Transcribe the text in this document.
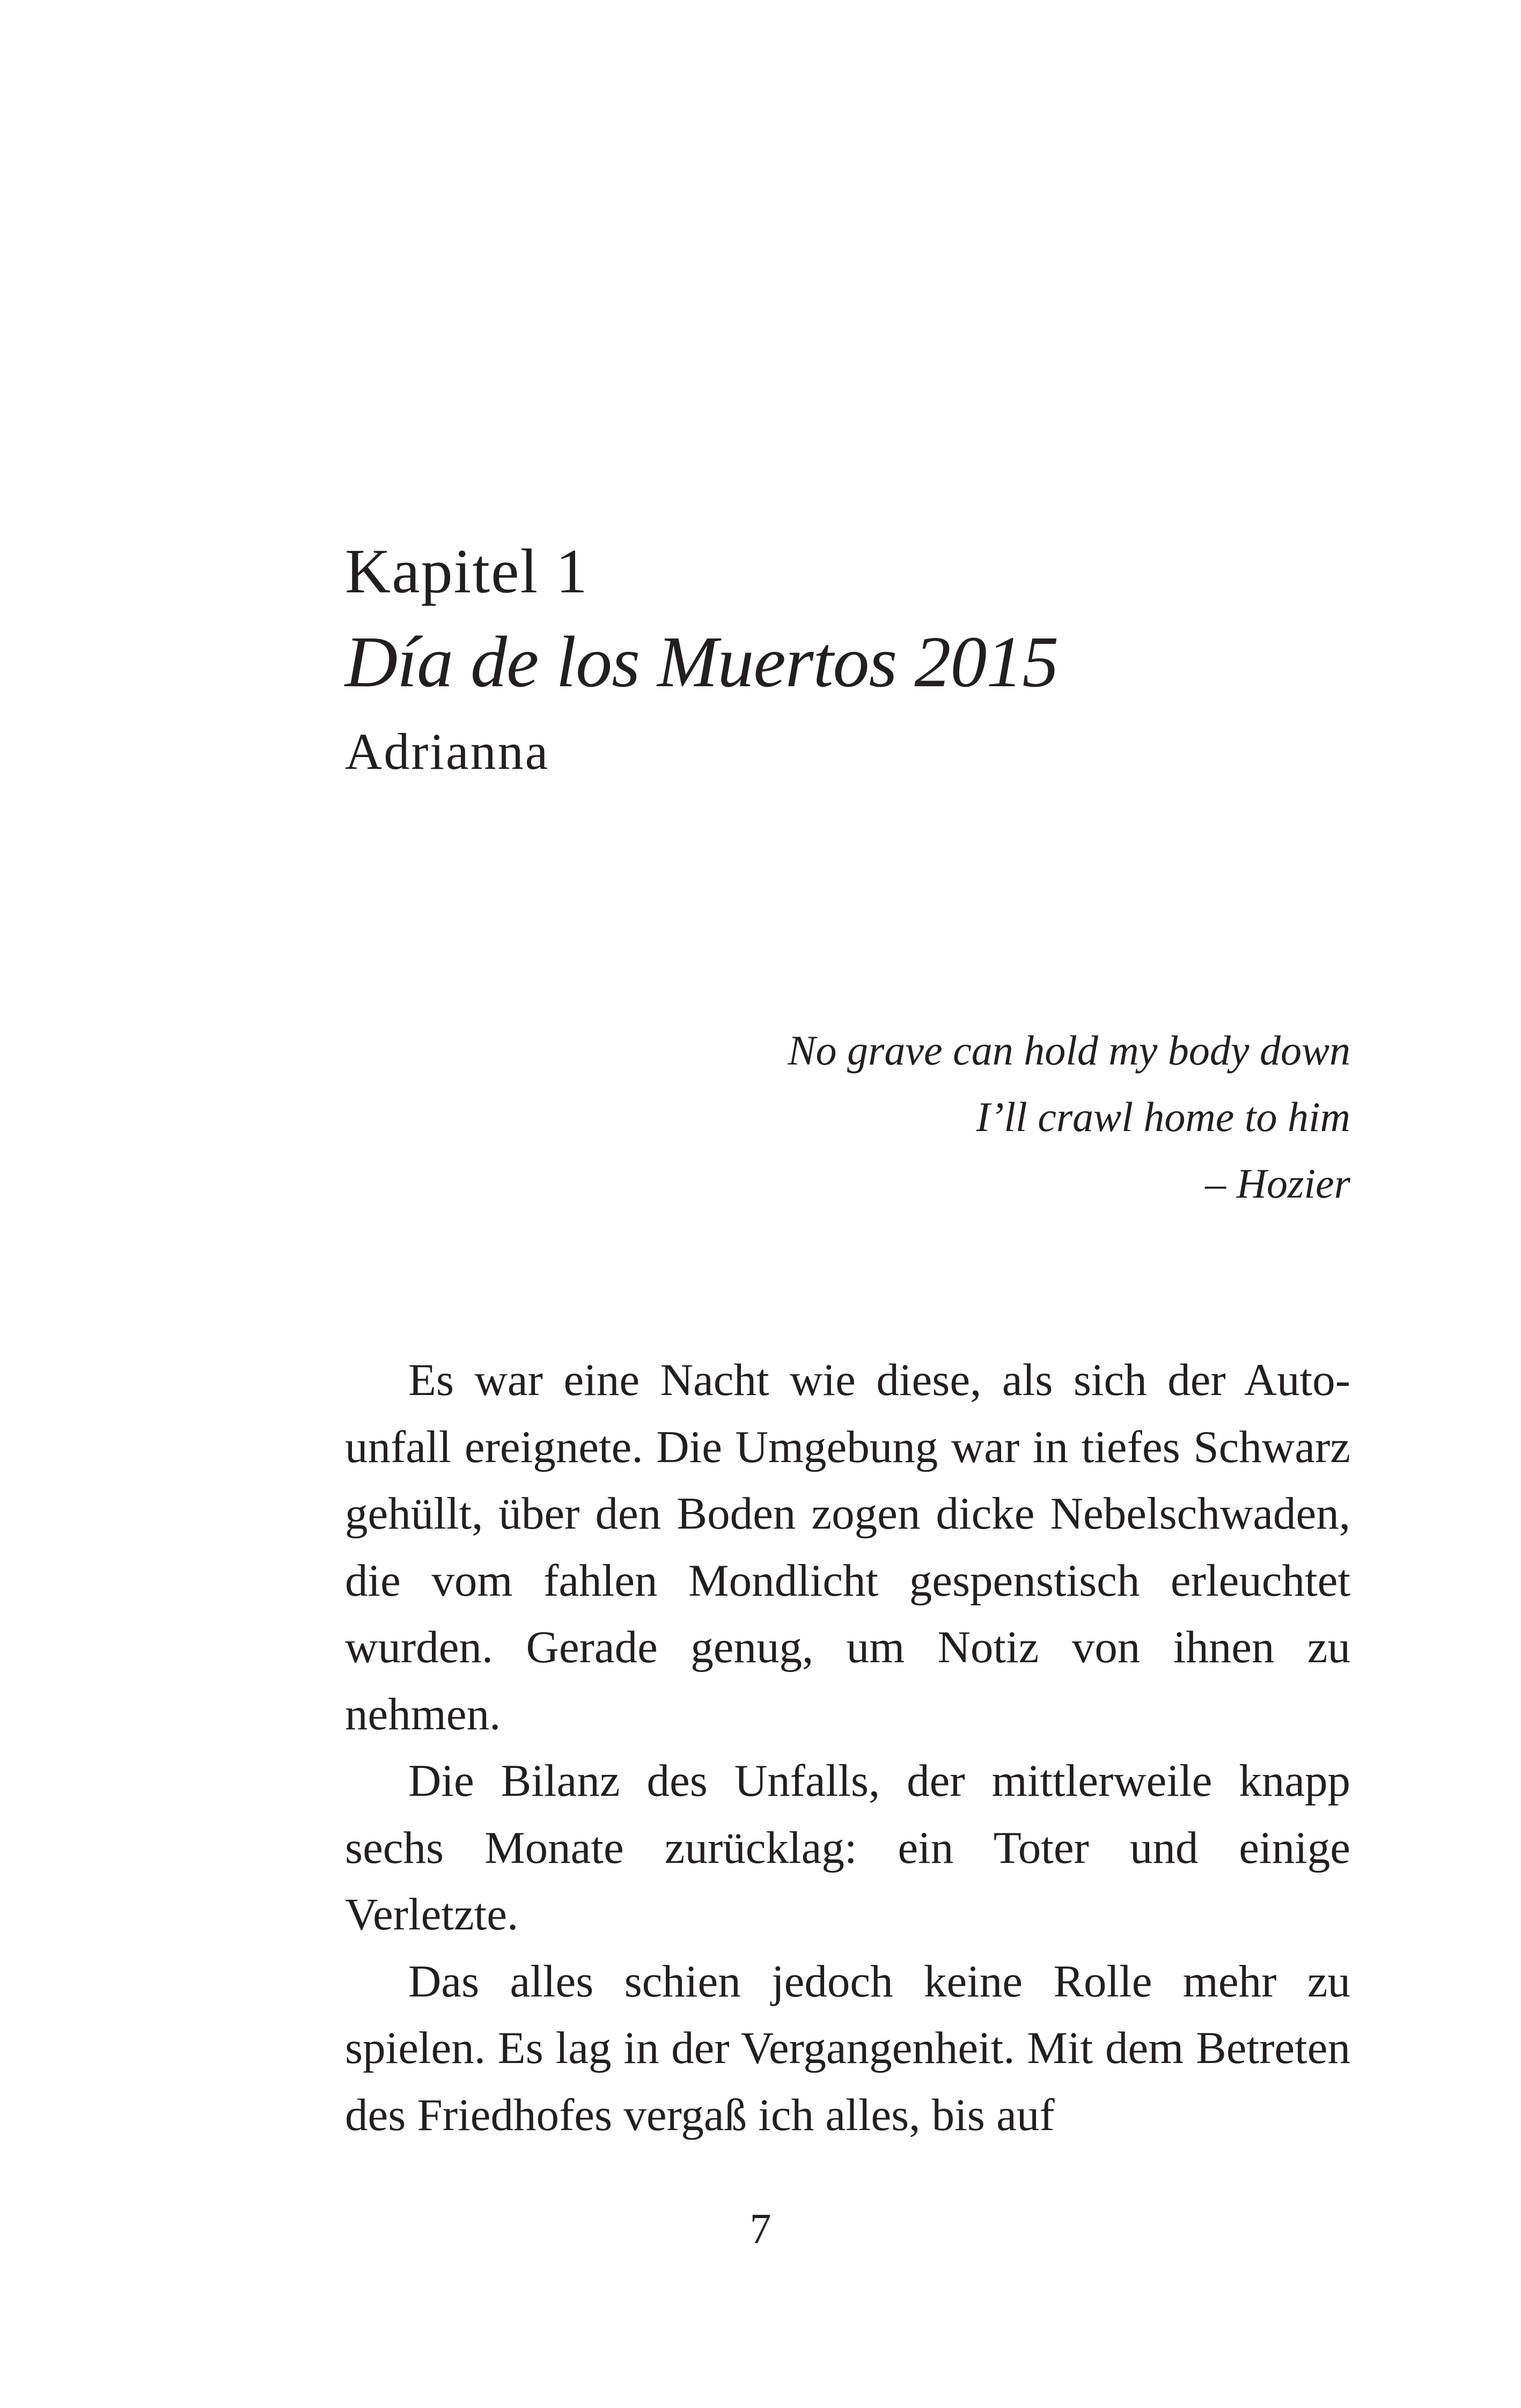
Kapitel 1
Día de los Muertos 2015
Adrianna
No grave can hold my body down
I’ll crawl home to him
– Hozier

Es war eine Nacht wie diese, als sich der Autounfall ereignete. Die Umgebung war in tiefes Schwarz gehüllt, über den Boden zogen dicke Nebelschwaden, die vom fahlen Mondlicht gespenstisch erleuchtet wurden. Gerade genug, um Notiz von ihnen zu nehmen.

Die Bilanz des Unfalls, der mittlerweile knapp sechs Monate zurücklag: ein Toter und einige Verletzte.

Das alles schien jedoch keine Rolle mehr zu spielen. Es lag in der Vergangenheit. Mit dem Betreten des Friedhofes vergaß ich alles, bis auf

7
